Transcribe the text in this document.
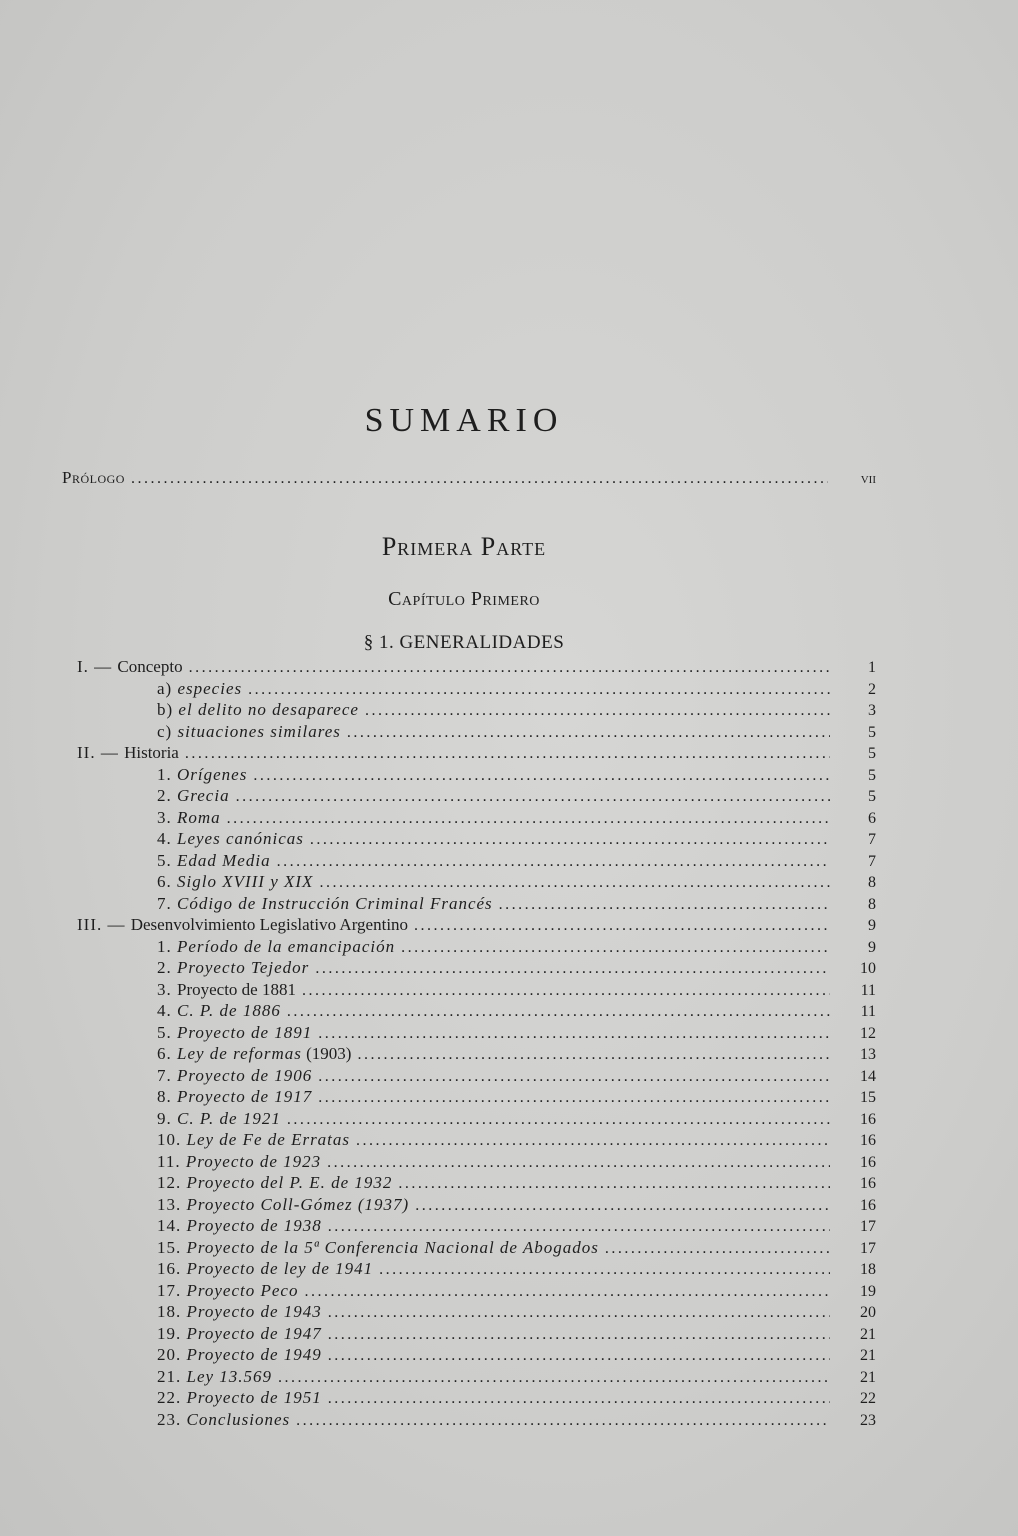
SUMARIO
Prólogo .....	vii
Primera Parte
Capítulo Primero
§ 1. GENERALIDADES
I. — Concepto .....	1
a) especies .....	2
b) el delito no desaparece .....	3
c) situaciones similares .....	5
II. — Historia .....	5
1. Orígenes .....	5
2. Grecia .....	5
3. Roma .....	6
4. Leyes canónicas .....	7
5. Edad Media .....	7
6. Siglo XVIII y XIX .....	8
7. Código de Instrucción Criminal Francés .....	8
III. — Desenvolvimiento Legislativo Argentino .....	9
1. Período de la emancipación .....	9
2. Proyecto Tejedor .....	10
3. Proyecto de 1881 .....	11
4. C. P. de 1886 .....	11
5. Proyecto de 1891 .....	12
6. Ley de reformas (1903) .....	13
7. Proyecto de 1906 .....	14
8. Proyecto de 1917 .....	15
9. C. P. de 1921 .....	16
10. Ley de Fe de Erratas .....	16
11. Proyecto de 1923 .....	16
12. Proyecto del P. E. de 1932 .....	16
13. Proyecto Coll-Gómez (1937) .....	16
14. Proyecto de 1938 .....	17
15. Proyecto de la 5ª Conferencia Nacional de Abogados .....	17
16. Proyecto de ley de 1941 .....	18
17. Proyecto Peco .....	19
18. Proyecto de 1943 .....	20
19. Proyecto de 1947 .....	21
20. Proyecto de 1949 .....	21
21. Ley 13.569 .....	21
22. Proyecto de 1951 .....	22
23. Conclusiones .....	23
